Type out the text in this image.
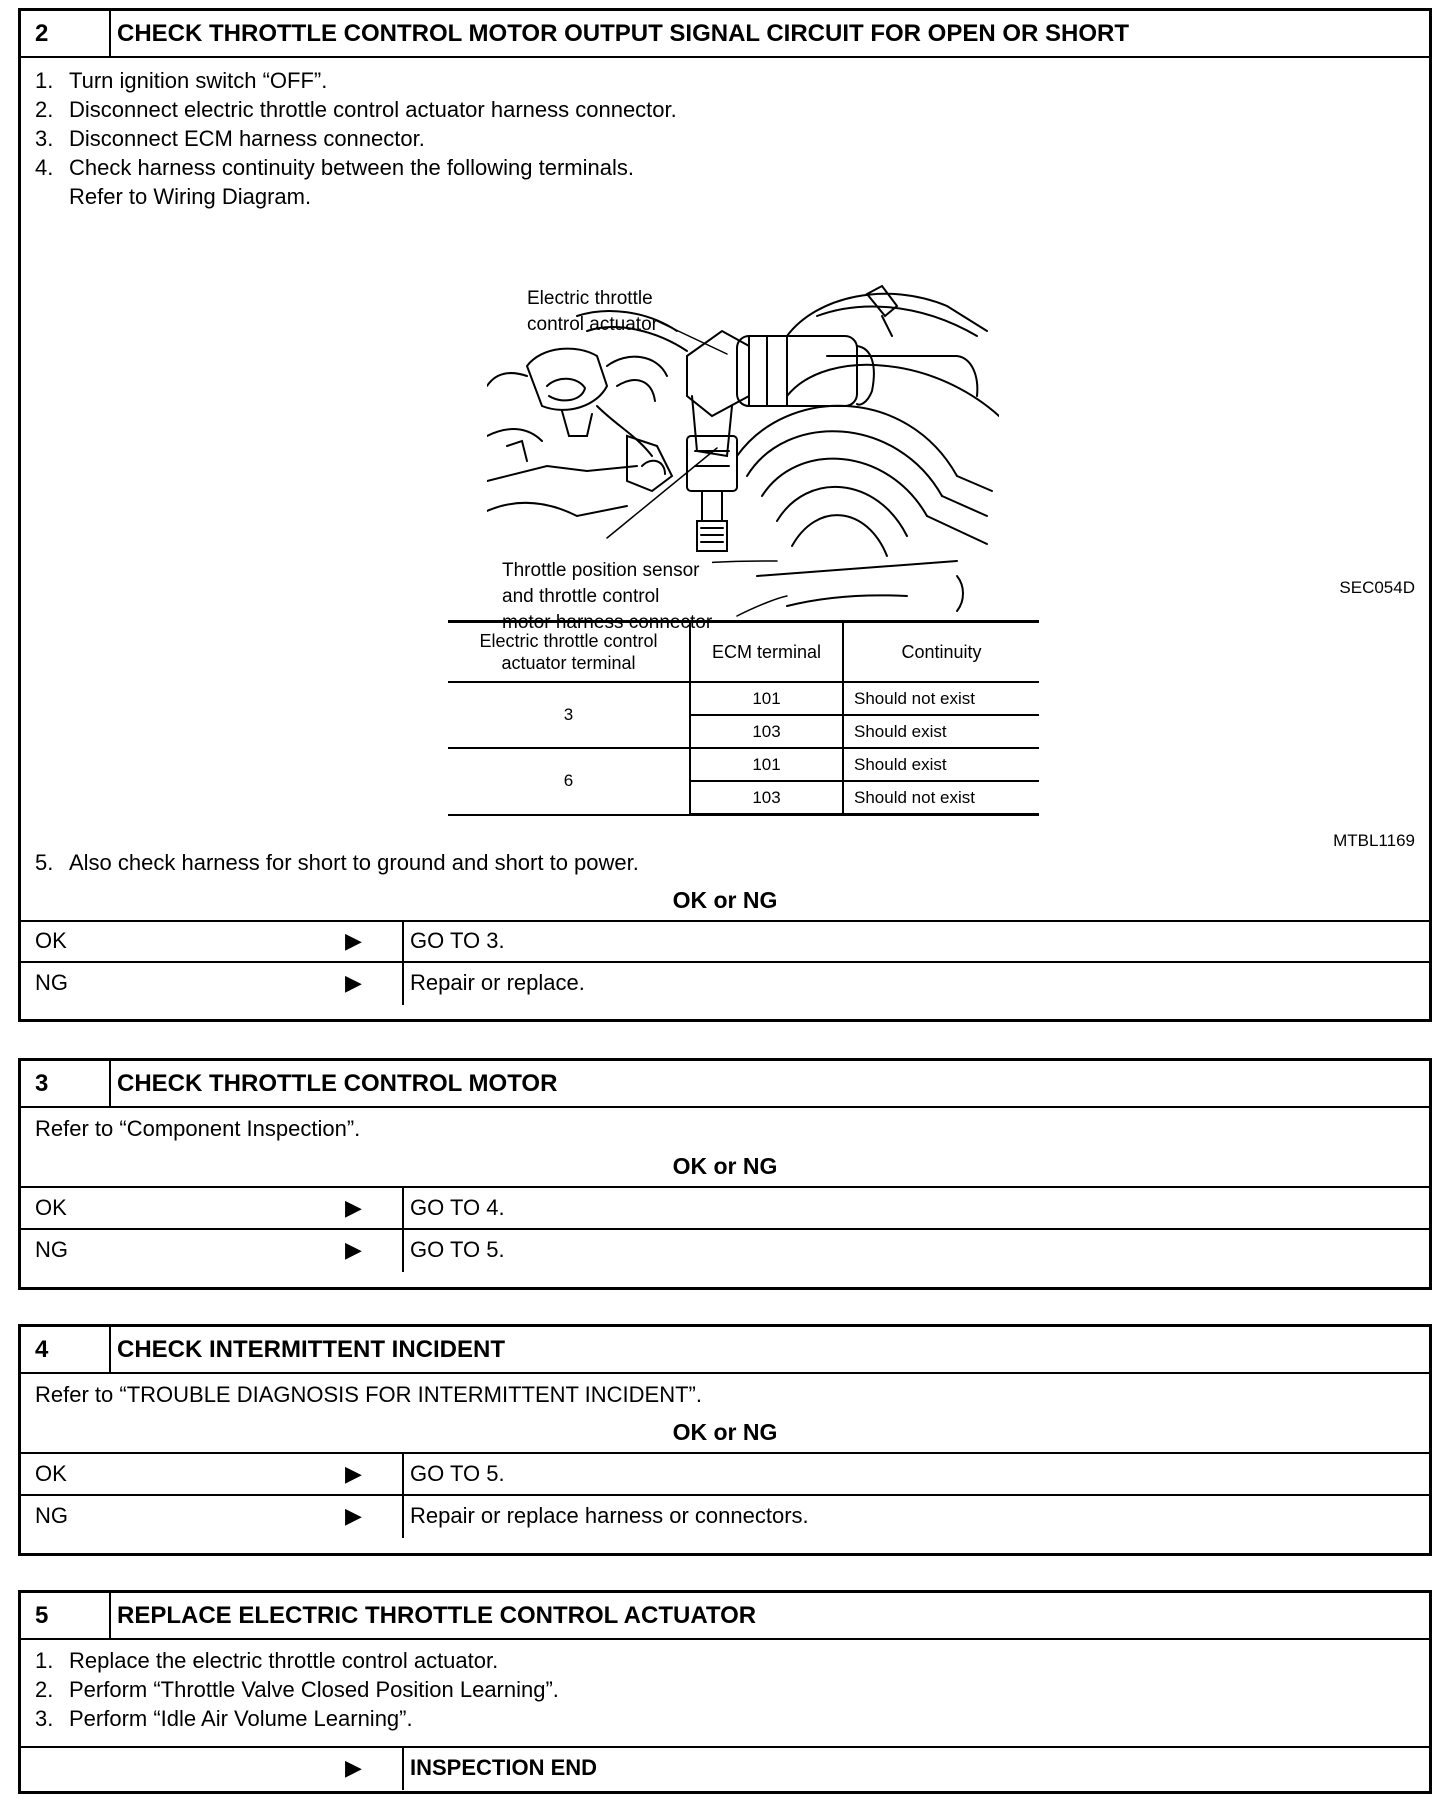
2	CHECK THROTTLE CONTROL MOTOR OUTPUT SIGNAL CIRCUIT FOR OPEN OR SHORT
1. Turn ignition switch “OFF”.
2. Disconnect electric throttle control actuator harness connector.
3. Disconnect ECM harness connector.
4. Check harness continuity between the following terminals.
Refer to Wiring Diagram.
Electric throttle
control actuator
Throttle position sensor
and throttle control
motor harness connector
SEC054D
Electric throttle control actuator terminal	ECM terminal	Continuity
3	101	Should not exist
	103	Should exist
6	101	Should exist
	103	Should not exist
MTBL1169
5. Also check harness for short to ground and short to power.
OK or NG
OK	▶ GO TO 3.
NG	▶ Repair or replace.
3	CHECK THROTTLE CONTROL MOTOR
Refer to “Component Inspection”.
OK or NG
OK	▶ GO TO 4.
NG	▶ GO TO 5.
4	CHECK INTERMITTENT INCIDENT
Refer to “TROUBLE DIAGNOSIS FOR INTERMITTENT INCIDENT”.
OK or NG
OK	▶ GO TO 5.
NG	▶ Repair or replace harness or connectors.
5	REPLACE ELECTRIC THROTTLE CONTROL ACTUATOR
1. Replace the electric throttle control actuator.
2. Perform “Throttle Valve Closed Position Learning”.
3. Perform “Idle Air Volume Learning”.
▶ INSPECTION END
